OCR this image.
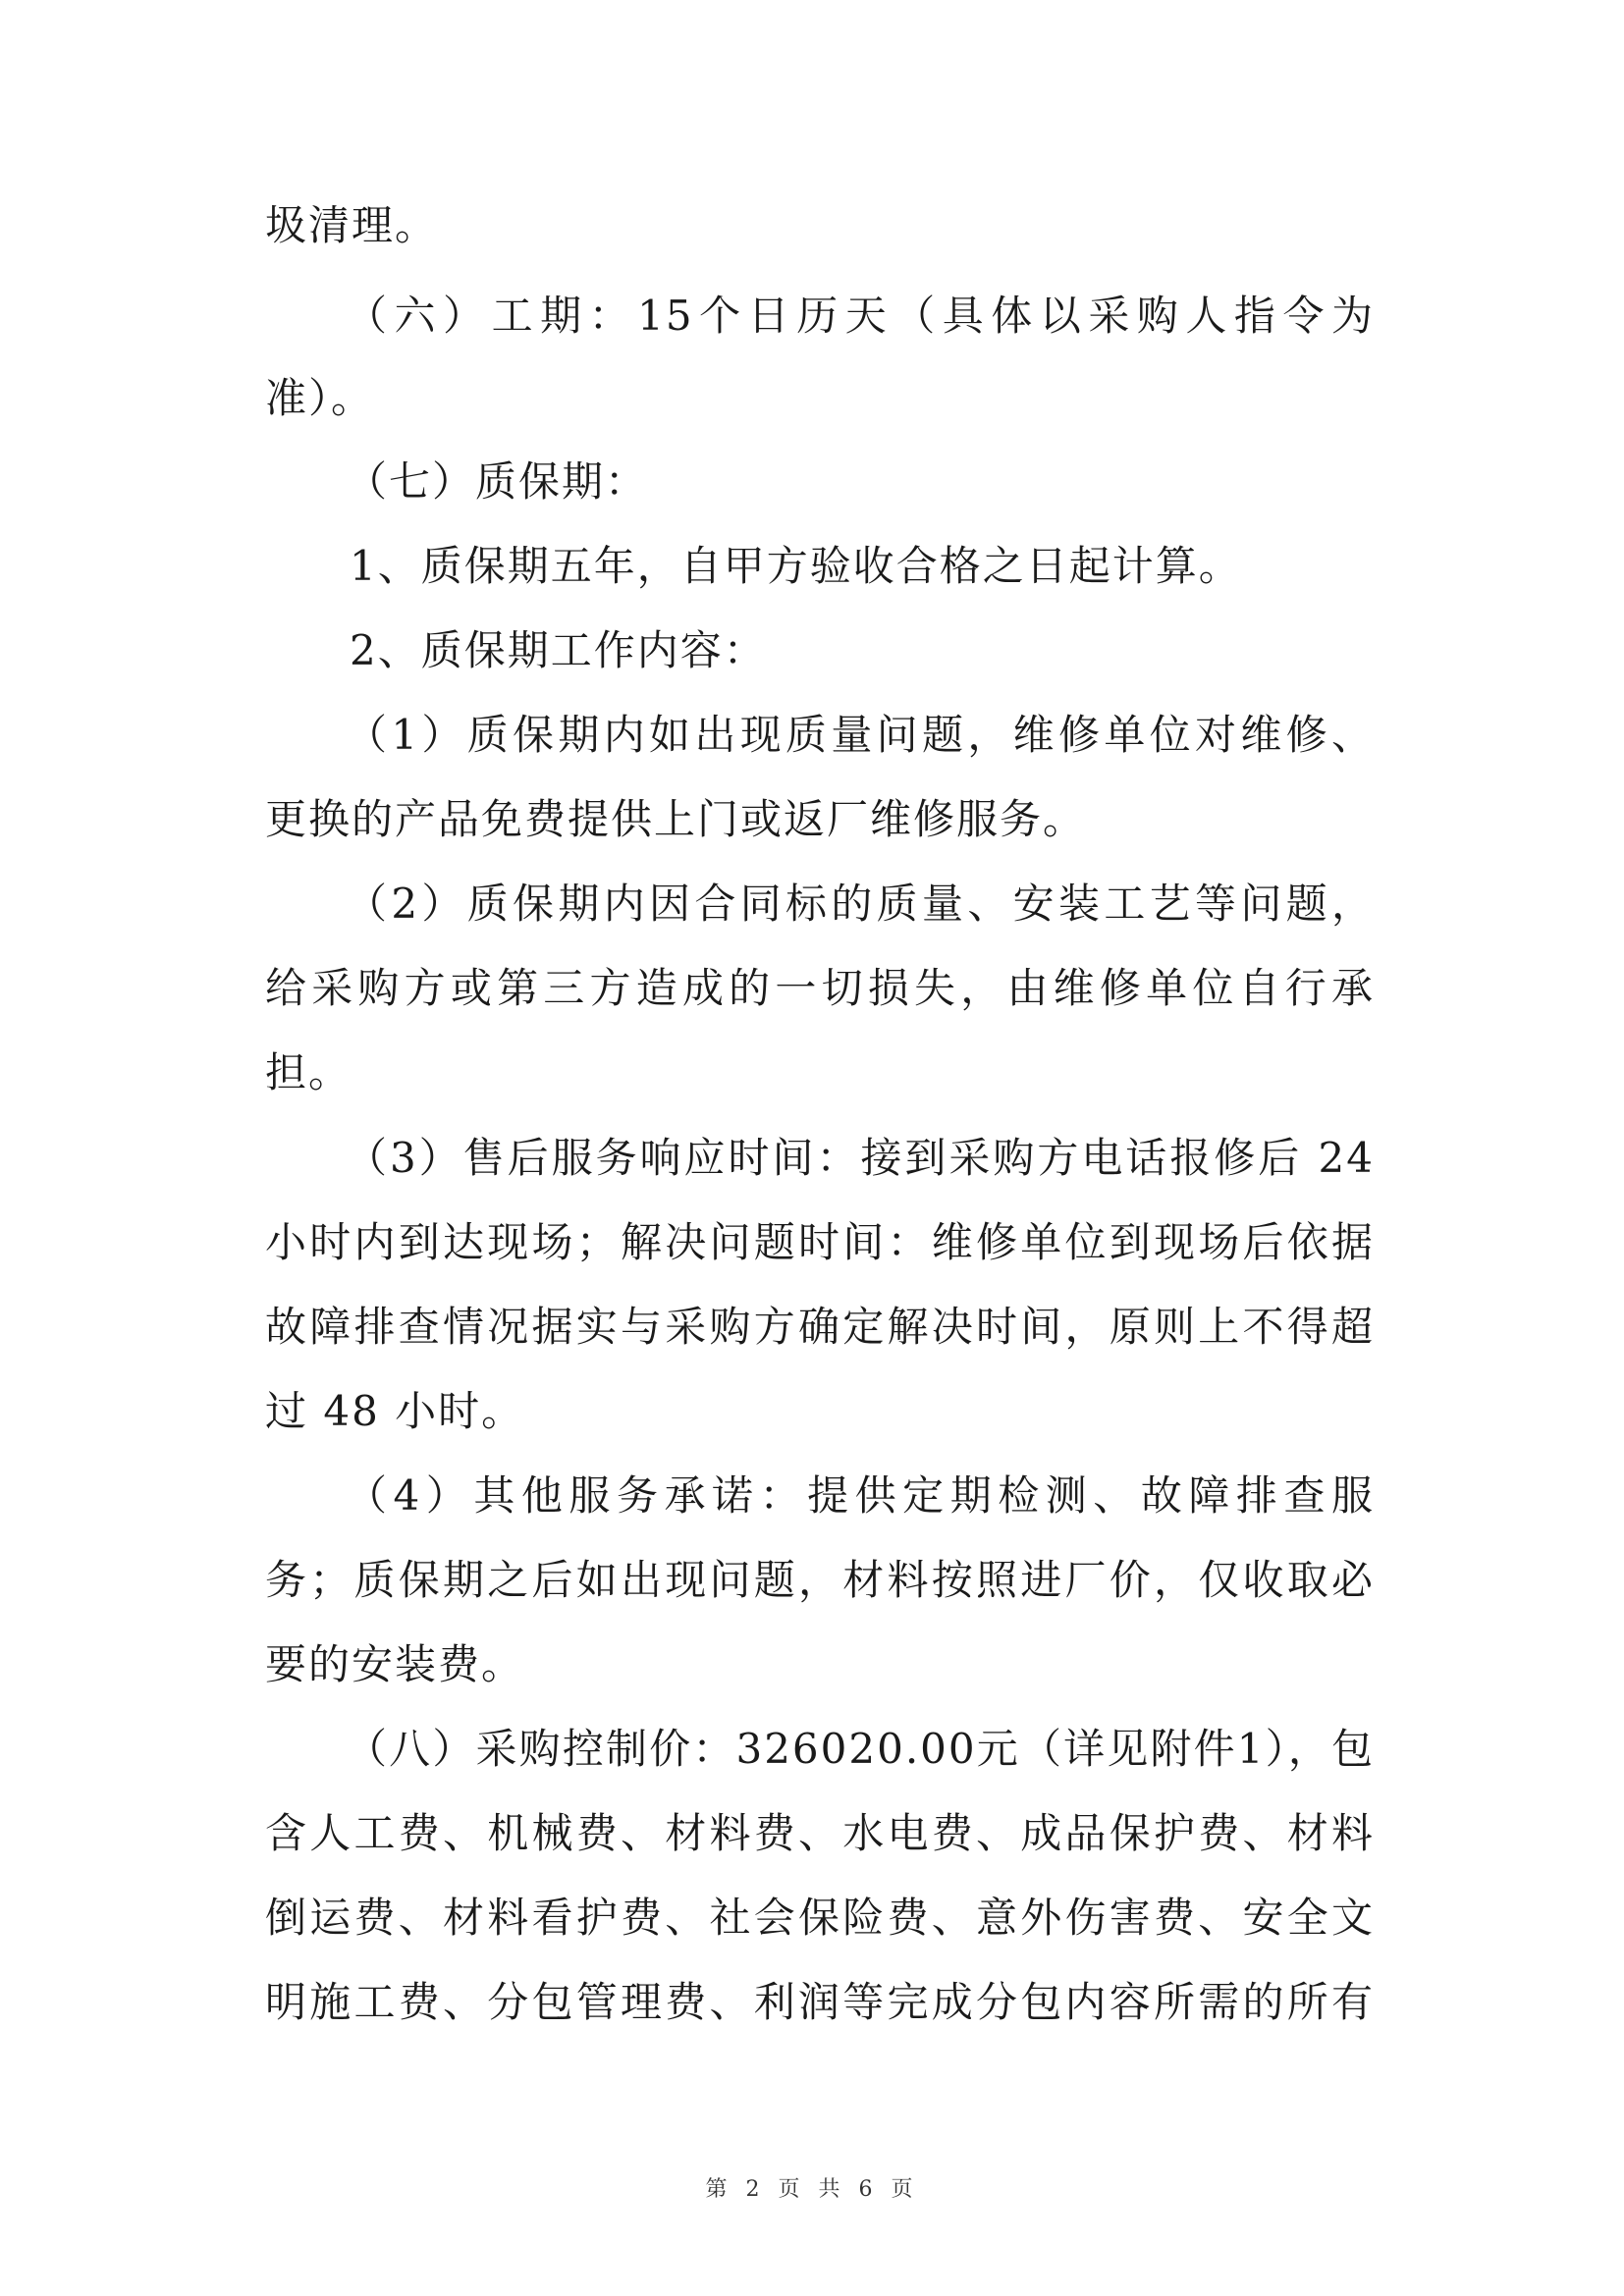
圾清理。
（六）工期：15个日历天（具体以采购人指令为
准）。
（七）质保期：
1、质保期五年，自甲方验收合格之日起计算。
2、质保期工作内容：
（1）质保期内如出现质量问题，维修单位对维修、
更换的产品免费提供上门或返厂维修服务。
（2）质保期内因合同标的质量、安装工艺等问题，
给采购方或第三方造成的一切损失，由维修单位自行承
担。
（3）售后服务响应时间：接到采购方电话报修后 24
小时内到达现场；解决问题时间：维修单位到现场后依据
故障排查情况据实与采购方确定解决时间，原则上不得超
过 48 小时。
（4）其他服务承诺：提供定期检测、故障排查服
务；质保期之后如出现问题，材料按照进厂价，仅收取必
要的安装费。
（八）采购控制价：326020.00元（详见附件1），包
含人工费、机械费、材料费、水电费、成品保护费、材料
倒运费、材料看护费、社会保险费、意外伤害费、安全文
明施工费、分包管理费、利润等完成分包内容所需的所有
第 2 页 共 6 页
